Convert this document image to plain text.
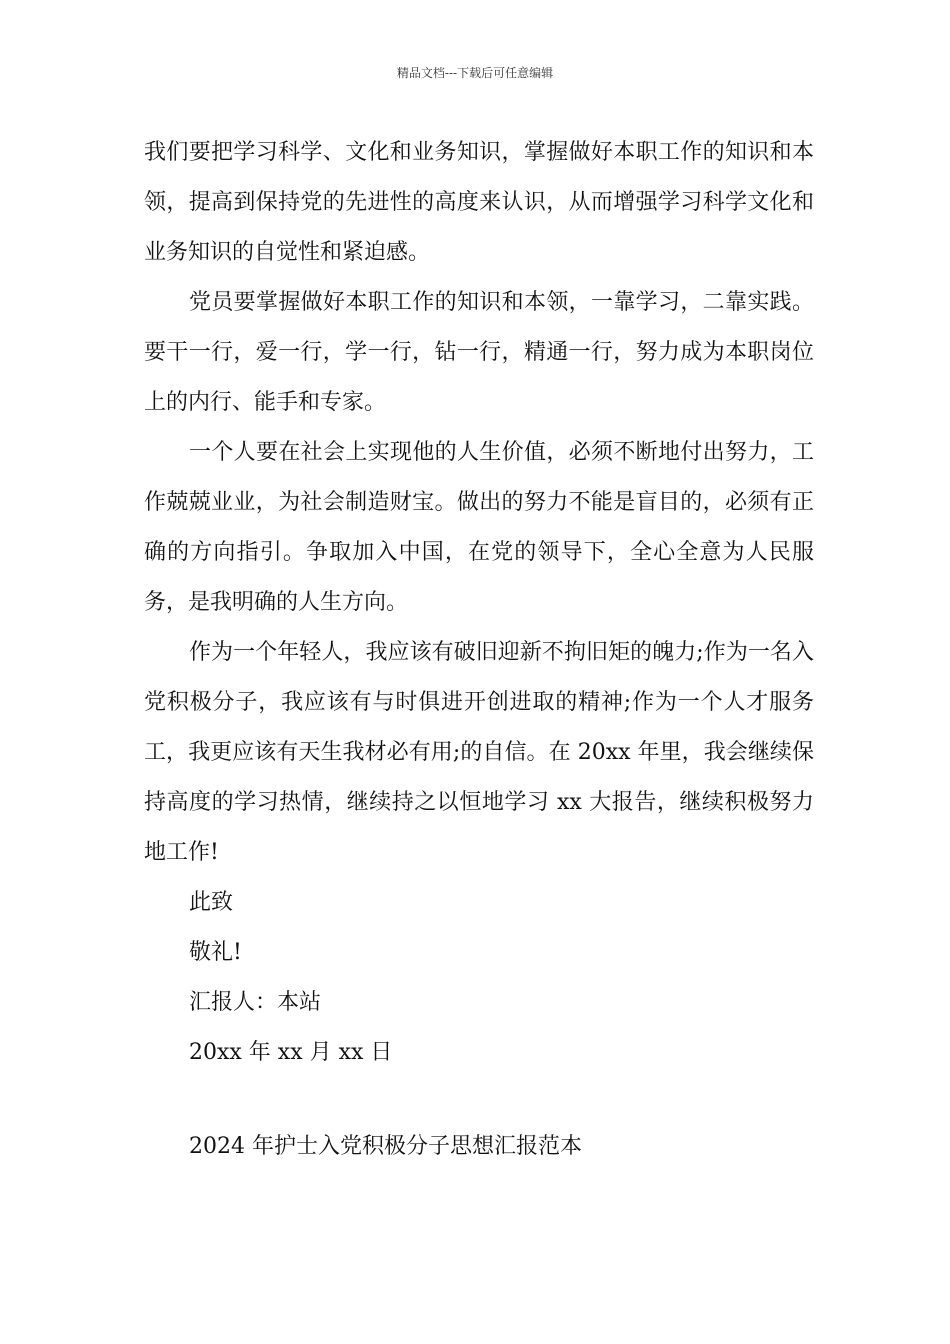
精品文档---下载后可任意编辑

我们要把学习科学、文化和业务知识，掌握做好本职工作的知识和本领，提高到保持党的先进性的高度来认识，从而增强学习科学文化和业务知识的自觉性和紧迫感。

党员要掌握做好本职工作的知识和本领，一靠学习，二靠实践。要干一行，爱一行，学一行，钻一行，精通一行，努力成为本职岗位上的内行、能手和专家。

一个人要在社会上实现他的人生价值，必须不断地付出努力，工作兢兢业业，为社会制造财宝。做出的努力不能是盲目的，必须有正确的方向指引。争取加入中国，在党的领导下，全心全意为人民服务，是我明确的人生方向。

作为一个年轻人，我应该有破旧迎新不拘旧矩的魄力;作为一名入党积极分子，我应该有与时俱进开创进取的精神;作为一个人才服务工，我更应该有天生我材必有用;的自信。在 20xx 年里，我会继续保持高度的学习热情，继续持之以恒地学习 xx 大报告，继续积极努力地工作!

此致

敬礼!

汇报人：本站

20xx 年 xx 月 xx 日

2024 年护士入党积极分子思想汇报范本
